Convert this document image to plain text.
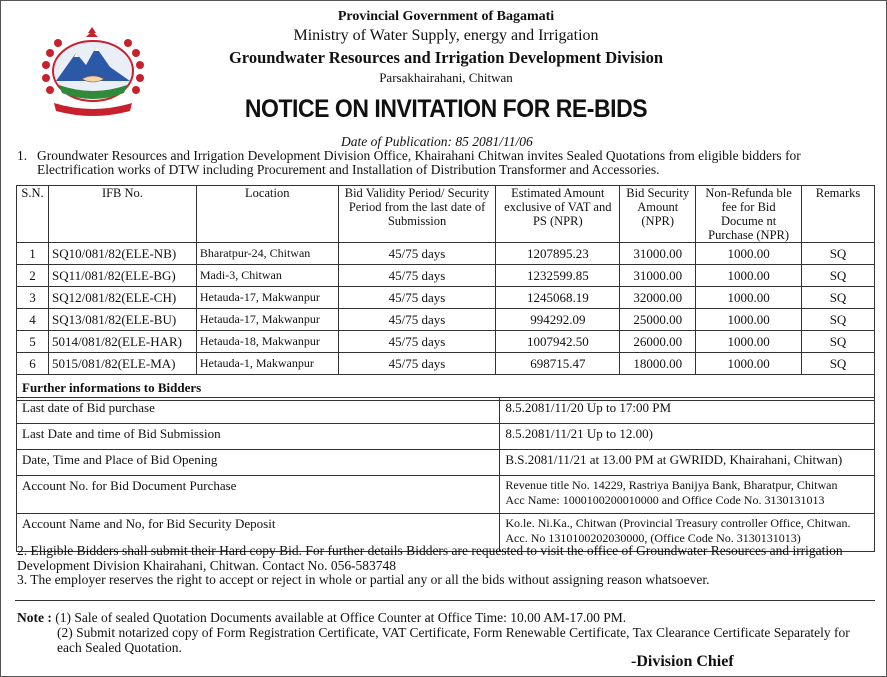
Provincial Government of Bagamati
Ministry of Water Supply, energy and Irrigation
Groundwater Resources and Irrigation Development Division
Parsakhairahani, Chitwan
NOTICE ON INVITATION FOR RE-BIDS
Date of Publication: 85 2081/11/06
1. Groundwater Resources and Irrigation Development Division Office, Khairahani Chitwan invites Sealed Quotations from eligible bidders for Electrification works of DTW including Procurement and Installation of Distribution Transformer and Accessories.
S.N.	IFB No.	Location	Bid Validity Period/ Security Period from the last date of Submission	Estimated Amount exclusive of VAT and PS (NPR)	Bid Security Amount (NPR)	Non-Refunda ble fee for Bid Docume nt Purchase (NPR)	Remarks
1	SQ10/081/82(ELE-NB)	Bharatpur-24, Chitwan	45/75 days	1207895.23	31000.00	1000.00	SQ
2	SQ11/081/82(ELE-BG)	Madi-3, Chitwan	45/75 days	1232599.85	31000.00	1000.00	SQ
3	SQ12/081/82(ELE-CH)	Hetauda-17, Makwanpur	45/75 days	1245068.19	32000.00	1000.00	SQ
4	SQ13/081/82(ELE-BU)	Hetauda-17, Makwanpur	45/75 days	994292.09	25000.00	1000.00	SQ
5	5014/081/82(ELE-HAR)	Hetauda-18, Makwanpur	45/75 days	1007942.50	26000.00	1000.00	SQ
6	5015/081/82(ELE-MA)	Hetauda-1, Makwanpur	45/75 days	698715.47	18000.00	1000.00	SQ
Further informations to Bidders							
Last date of Bid purchase	8.5.2081/11/20 Up to 17:00 PM
Last Date and time of Bid Submission	8.5.2081/11/21 Up to 12.00)
Date, Time and Place of Bid Opening	B.S.2081/11/21 at 13.00 PM at GWRIDD, Khairahani, Chitwan)
Account No. for Bid Document Purchase	Revenue title No. 14229, Rastriya Banijya Bank, Bharatpur, Chitwan
Acc Name: 1000100200010000 and Office Code No. 3130131013

Account Name and No, for Bid Security Deposit	Ko.le. Ni.Ka., Chitwan (Provincial Treasury controller Office, Chitwan.
Acc. No 1310100202030000, (Office Code No. 3130131013)

2. Eligible Bidders shall submit their Hard copy Bid. For further details Bidders are requested to visit the office of Groundwater Resources and irrigation Development Division Khairahani, Chitwan. Contact No. 056-583748

3. The employer reserves the right to accept or reject in whole or partial any or all the bids without assigning reason whatsoever.

Note : (1) Sale of sealed Quotation Documents available at Office Counter at Office Time: 10.00 AM-17.00 PM.
(2) Submit notarized copy of Form Registration Certificate, VAT Certificate, Form Renewable Certificate, Tax Clearance Certificate Separately for each Sealed Quotation.
-Division Chief
